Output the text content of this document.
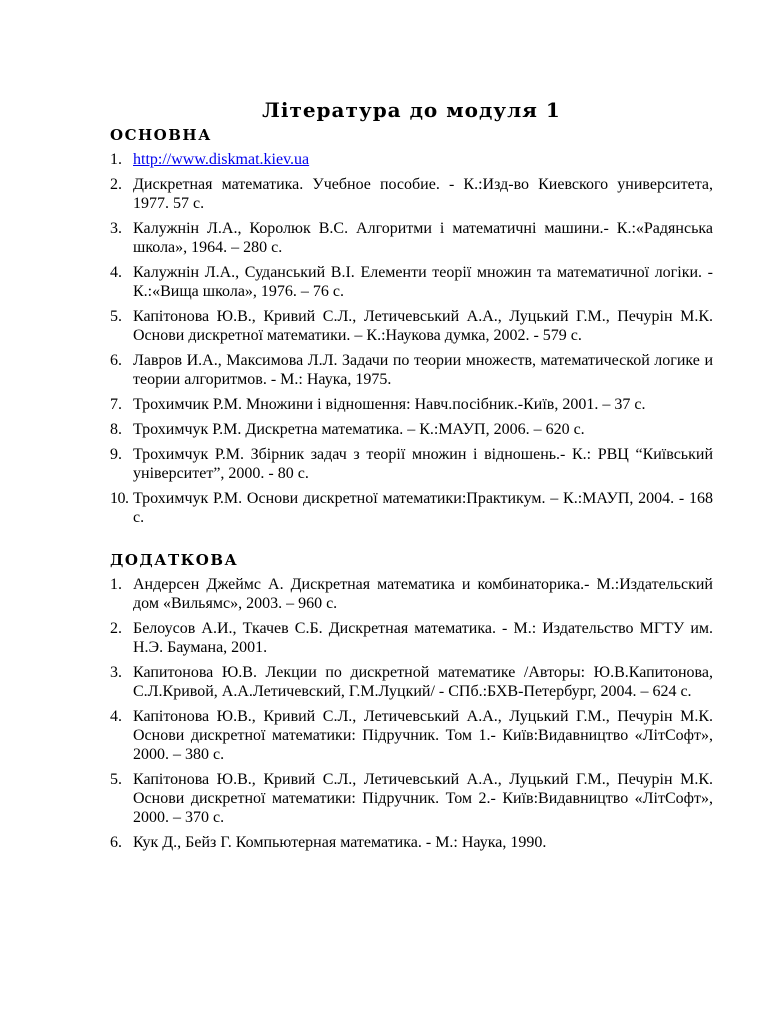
Література до модуля 1
ОСНОВНА
1. http://www.diskmat.kiev.ua
2. Дискретная математика. Учебное пособие. - К.:Изд-во Киевского университета, 1977. 57 с.
3. Калужнін Л.А., Королюк В.С. Алгоритми і математичні машини.- К.:«Радянська школа», 1964. – 280 с.
4. Калужнін Л.А., Суданський В.І. Елементи теорії множин та математичної логіки. - К.:«Вища школа», 1976. – 76 с.
5. Капітонова Ю.В., Кривий С.Л., Летичевський А.А., Луцький Г.М., Печурін М.К. Основи дискретної математики. – К.:Наукова думка, 2002. - 579 с.
6. Лавров И.А., Максимова Л.Л. Задачи по теории множеств, математической логике и теории алгоритмов. - М.: Наука, 1975.
7. Трохимчик Р.М. Множини і відношення: Навч.посібник.-Київ, 2001. – 37 с.
8. Трохимчук Р.М. Дискретна математика. – К.:МАУП, 2006. – 620 с.
9. Трохимчук Р.М. Збірник задач з теорії множин і відношень.- К.: РВЦ “Київський університет”, 2000. - 80 с.
10. Трохимчук Р.М. Основи дискретної математики:Практикум. – К.:МАУП, 2004. - 168 с.
ДОДАТКОВА
1. Андерсен Джеймс А. Дискретная математика и комбинаторика.- М.:Издательский дом «Вильямс», 2003. – 960 с.
2. Белоусов А.И., Ткачев С.Б. Дискретная математика. - М.: Издательство МГТУ им. Н.Э. Баумана, 2001.
3. Капитонова Ю.В. Лекции по дискретной математике /Авторы: Ю.В.Капитонова, С.Л.Кривой, А.А.Летичевский, Г.М.Луцкий/ - СПб.:БХВ-Петербург, 2004. – 624 с.
4. Капітонова Ю.В., Кривий С.Л., Летичевський А.А., Луцький Г.М., Печурін М.К. Основи дискретної математики: Підручник. Том 1.- Київ:Видавництво «ЛітСофт», 2000. – 380 с.
5. Капітонова Ю.В., Кривий С.Л., Летичевський А.А., Луцький Г.М., Печурін М.К. Основи дискретної математики: Підручник. Том 2.- Київ:Видавництво «ЛітСофт», 2000. – 370 с.
6. Кук Д., Бейз Г. Компьютерная математика. - М.: Наука, 1990.
